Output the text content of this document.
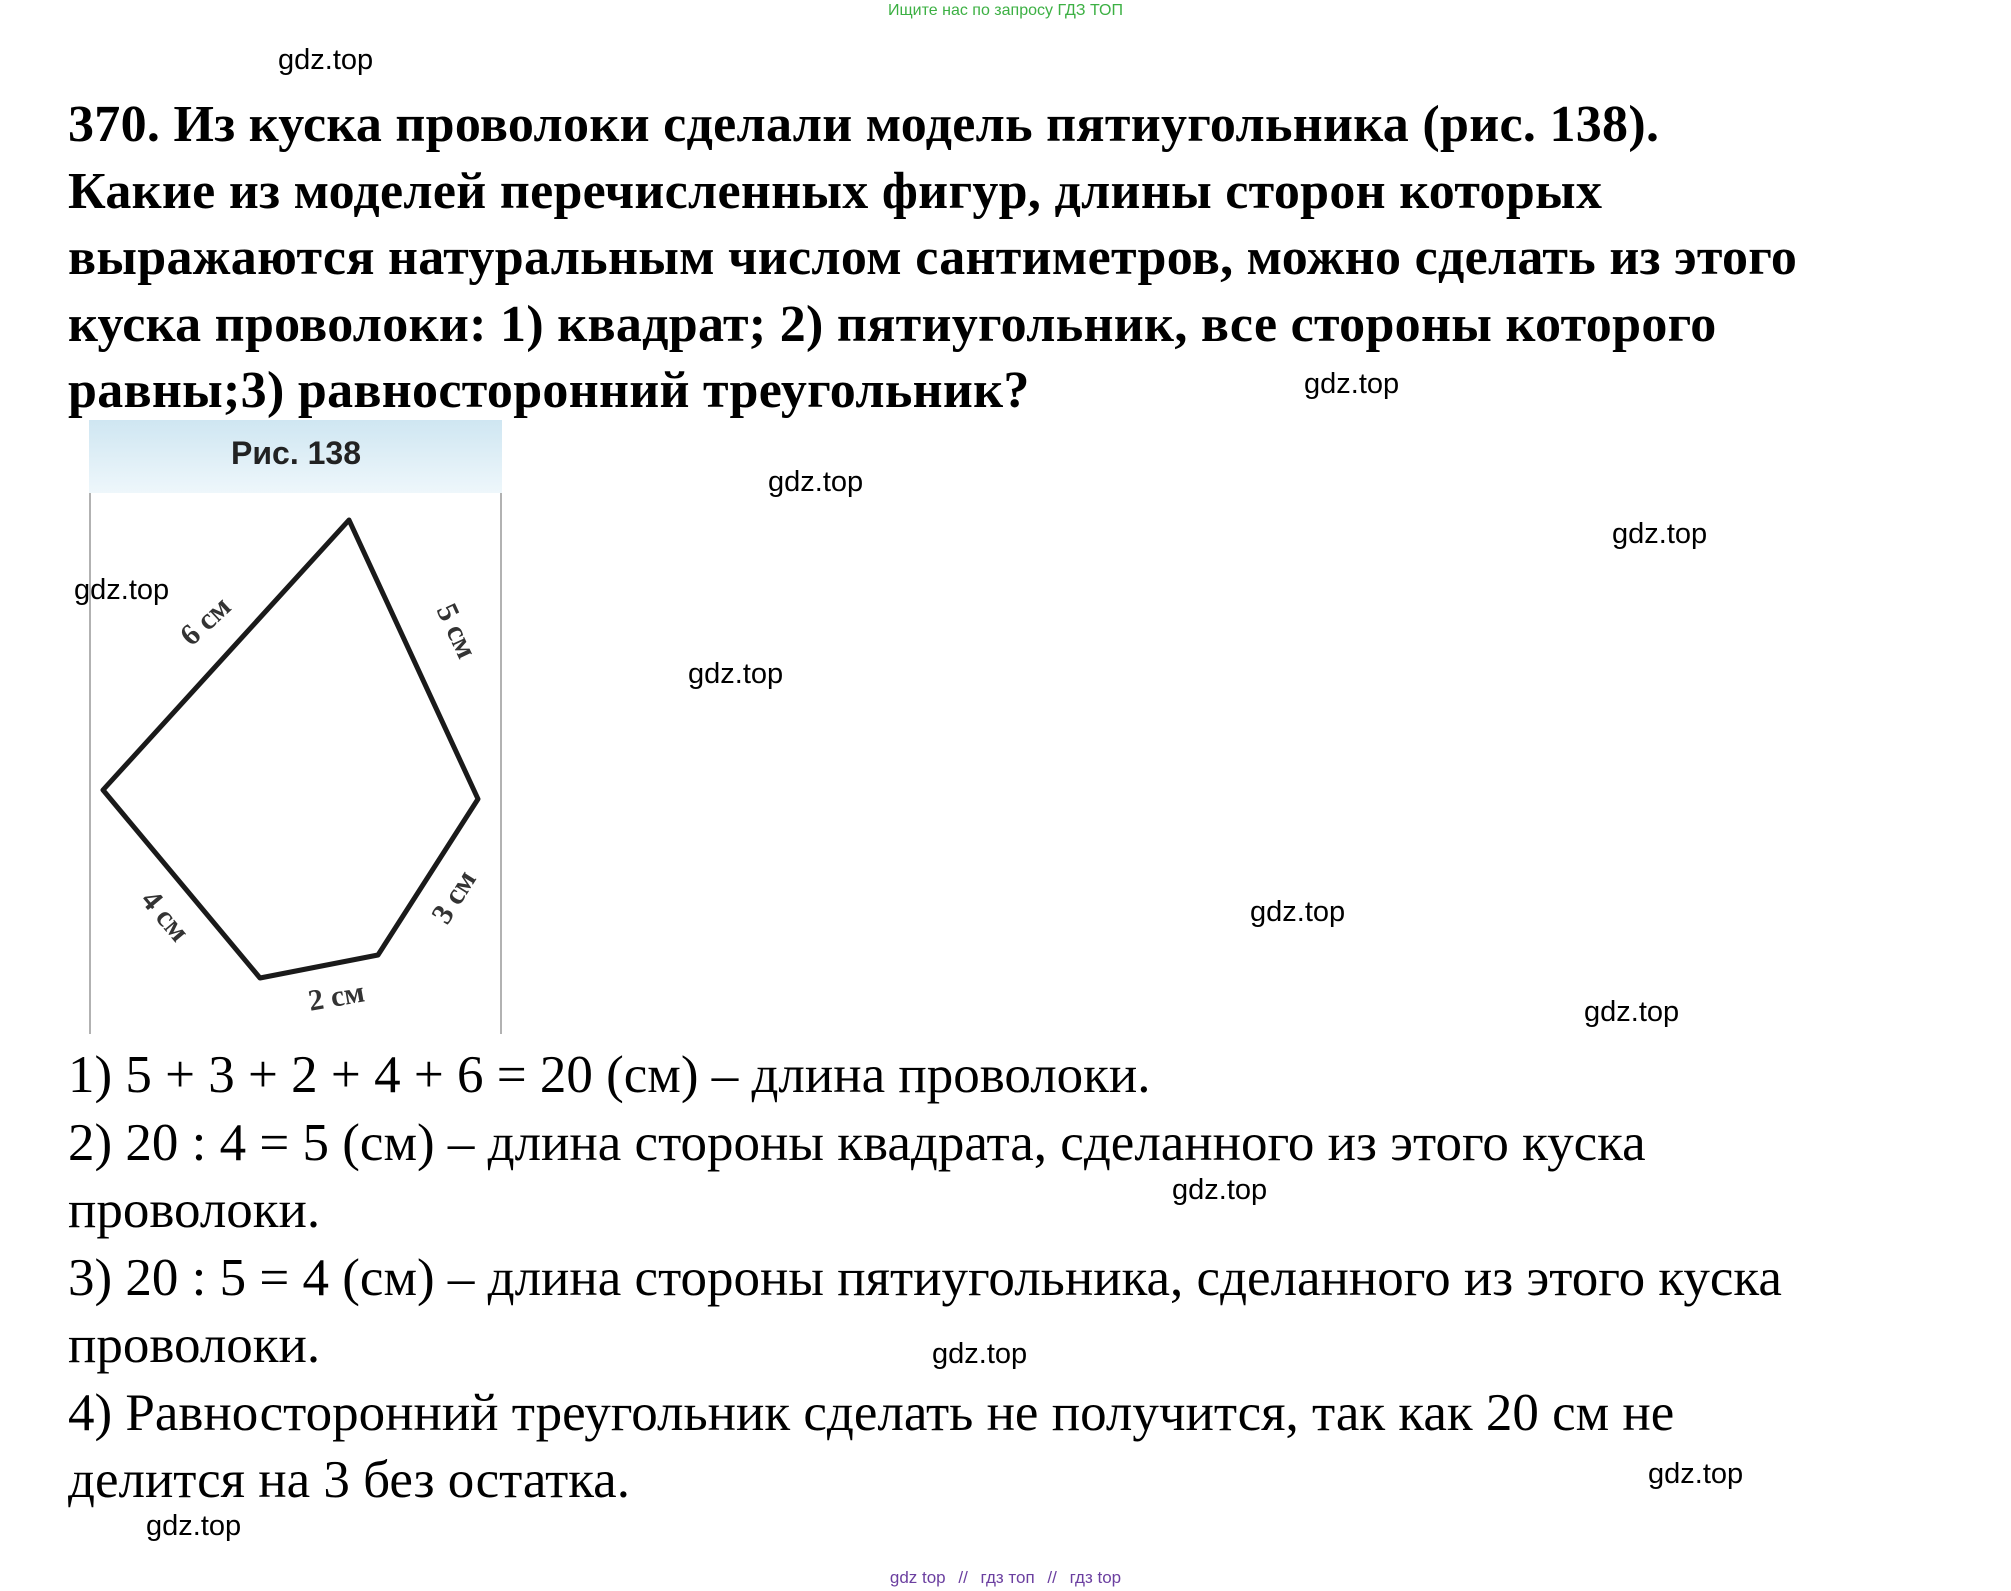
Ищите нас по запросу ГДЗ ТОП
gdz.top
gdz.top
gdz.top
gdz.top
gdz.top
gdz.top
gdz.top
gdz.top
gdz.top
gdz.top
gdz.top
gdz.top
370. Из куска проволоки сделали модель пятиугольника (рис. 138).
Какие из моделей перечисленных фигур, длины сторон которых
выражаются натуральным числом сантиметров, можно сделать из этого
куска проволоки: 1) квадрат; 2) пятиугольник, все стороны которого
равны;3) равносторонний треугольник?
Рис. 138
6 см	5 см
3 см
2 см
4 см
1) 5 + 3 + 2 + 4 + 6 = 20 (см) – длина проволоки.
2) 20 : 4 = 5 (см) – длина стороны квадрата, сделанного из этого куска
проволоки.
3) 20 : 5 = 4 (см) – длина стороны пятиугольника, сделанного из этого куска
проволоки.
4) Равносторонний треугольник сделать не получится, так как 20 см не
делится на 3 без остатка.
gdz top // гдз топ // гдз top
